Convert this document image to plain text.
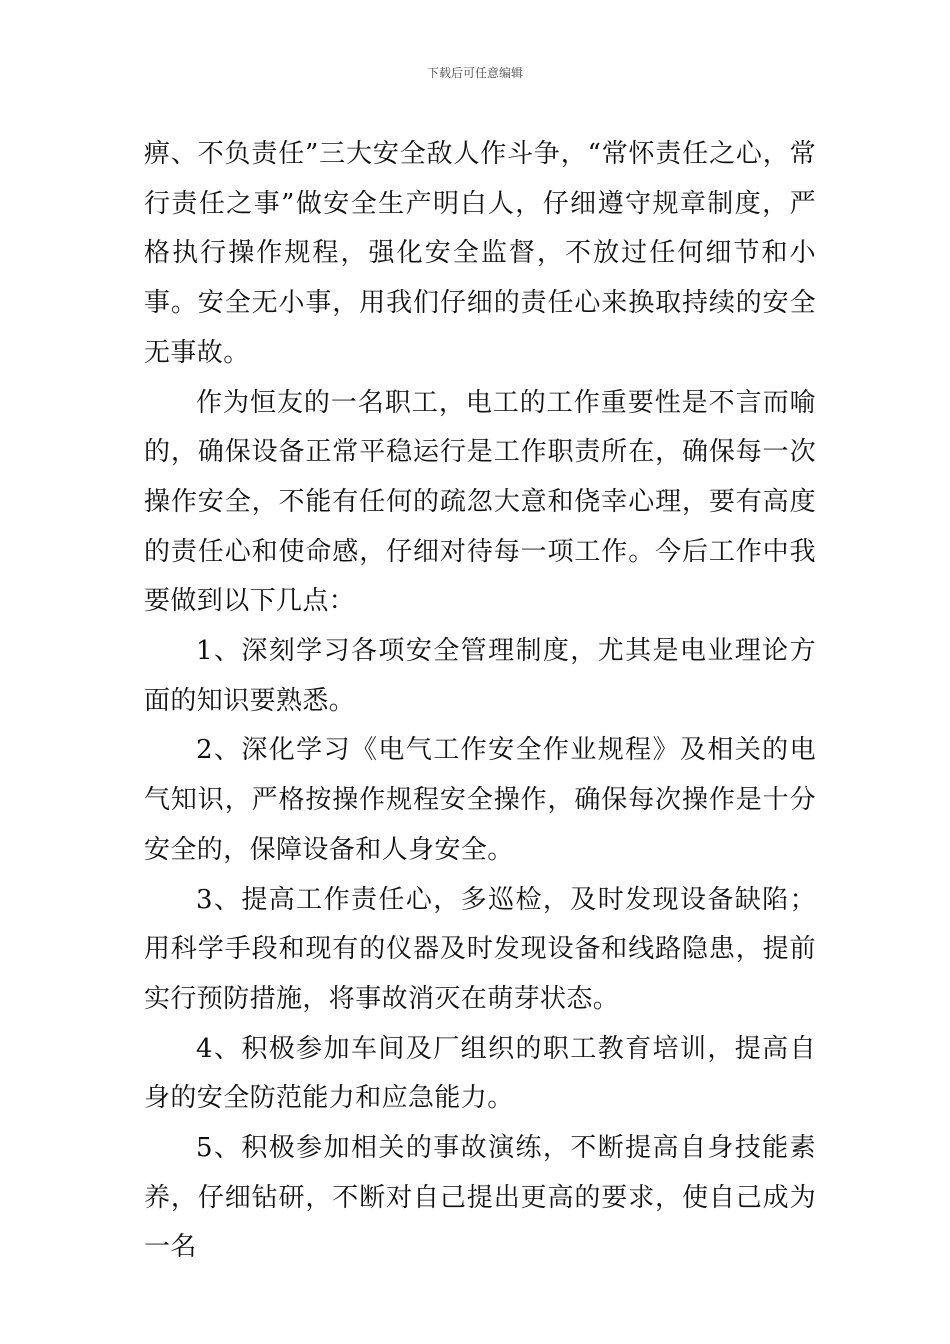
下载后可任意编辑

痹、不负责任”三大安全敌人作斗争，“常怀责任之心，常行责任之事”做安全生产明白人，仔细遵守规章制度，严格执行操作规程，强化安全监督，不放过任何细节和小事。安全无小事，用我们仔细的责任心来换取持续的安全无事故。

作为恒友的一名职工，电工的工作重要性是不言而喻的，确保设备正常平稳运行是工作职责所在，确保每一次操作安全，不能有任何的疏忽大意和侥幸心理，要有高度的责任心和使命感，仔细对待每一项工作。今后工作中我要做到以下几点：

1、深刻学习各项安全管理制度，尤其是电业理论方面的知识要熟悉。

2、深化学习《电气工作安全作业规程》及相关的电气知识，严格按操作规程安全操作，确保每次操作是十分安全的，保障设备和人身安全。

3、提高工作责任心，多巡检，及时发现设备缺陷；用科学手段和现有的仪器及时发现设备和线路隐患，提前实行预防措施，将事故消灭在萌芽状态。

4、积极参加车间及厂组织的职工教育培训，提高自身的安全防范能力和应急能力。

5、积极参加相关的事故演练，不断提高自身技能素养，仔细钻研，不断对自己提出更高的要求，使自己成为一名
